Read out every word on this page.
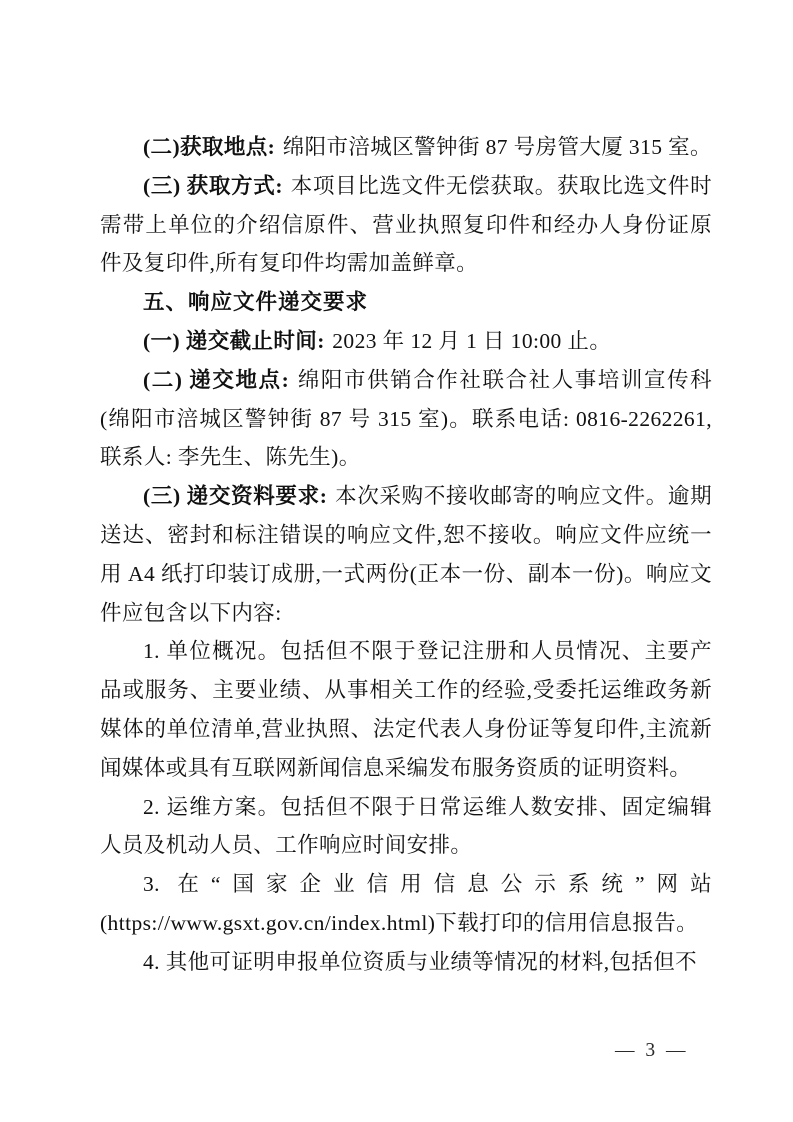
(二)获取地点: 绵阳市涪城区警钟街 87 号房管大厦 315 室。

(三) 获取方式: 本项目比选文件无偿获取。获取比选文件时需带上单位的介绍信原件、营业执照复印件和经办人身份证原件及复印件,所有复印件均需加盖鲜章。

五、响应文件递交要求

(一) 递交截止时间: 2023 年 12 月 1 日 10:00 止。

(二) 递交地点: 绵阳市供销合作社联合社人事培训宣传科(绵阳市涪城区警钟街 87 号 315 室)。联系电话: 0816-2262261,联系人: 李先生、陈先生)。

(三) 递交资料要求: 本次采购不接收邮寄的响应文件。逾期送达、密封和标注错误的响应文件,恕不接收。响应文件应统一用 A4 纸打印装订成册,一式两份(正本一份、副本一份)。响应文件应包含以下内容:

1. 单位概况。包括但不限于登记注册和人员情况、主要产品或服务、主要业绩、从事相关工作的经验,受委托运维政务新媒体的单位清单,营业执照、法定代表人身份证等复印件,主流新闻媒体或具有互联网新闻信息采编发布服务资质的证明资料。

2. 运维方案。包括但不限于日常运维人数安排、固定编辑人员及机动人员、工作响应时间安排。

3. 在“国家企业信用信息公示系统”网站(https://www.gsxt.gov.cn/index.html)下载打印的信用信息报告。

4. 其他可证明申报单位资质与业绩等情况的材料,包括但不

— 3 —
